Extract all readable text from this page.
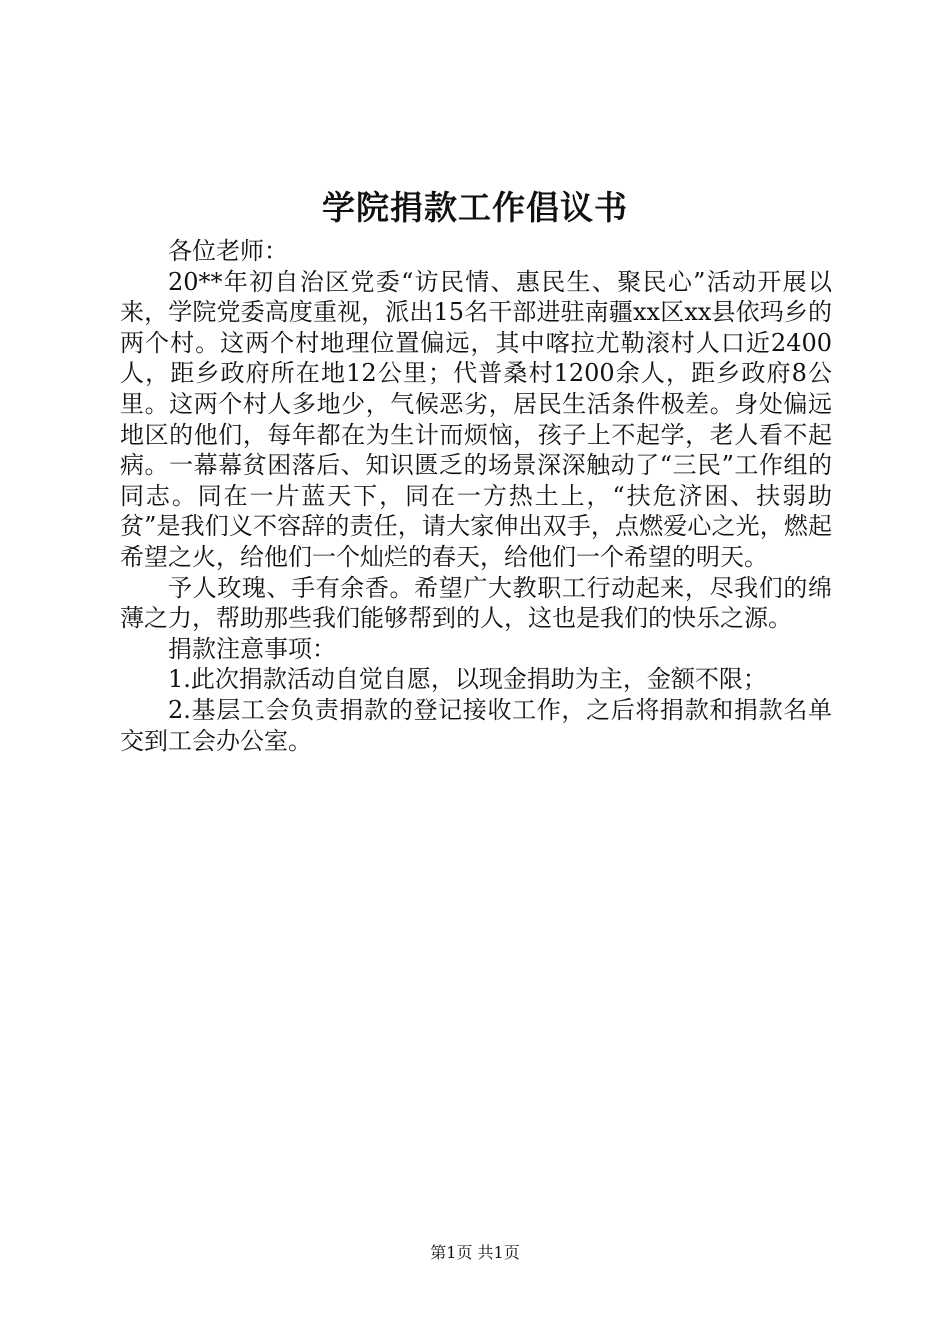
学院捐款工作倡议书

各位老师：

20**年初自治区党委“访民情、惠民生、聚民心”活动开展以来，学院党委高度重视，派出15名干部进驻南疆xx区xx县依玛乡的两个村。这两个村地理位置偏远，其中喀拉尤勒滚村人口近2400人，距乡政府所在地12公里；代普桑村1200余人，距乡政府8公里。这两个村人多地少，气候恶劣，居民生活条件极差。身处偏远地区的他们，每年都在为生计而烦恼，孩子上不起学，老人看不起病。一幕幕贫困落后、知识匮乏的场景深深触动了“三民”工作组的同志。同在一片蓝天下，同在一方热土上，“扶危济困、扶弱助贫”是我们义不容辞的责任，请大家伸出双手，点燃爱心之光，燃起希望之火，给他们一个灿烂的春天，给他们一个希望的明天。

予人玫瑰、手有余香。希望广大教职工行动起来，尽我们的绵薄之力，帮助那些我们能够帮到的人，这也是我们的快乐之源。

捐款注意事项：

1.此次捐款活动自觉自愿，以现金捐助为主，金额不限；

2.基层工会负责捐款的登记接收工作，之后将捐款和捐款名单交到工会办公室。

第1页 共1页
